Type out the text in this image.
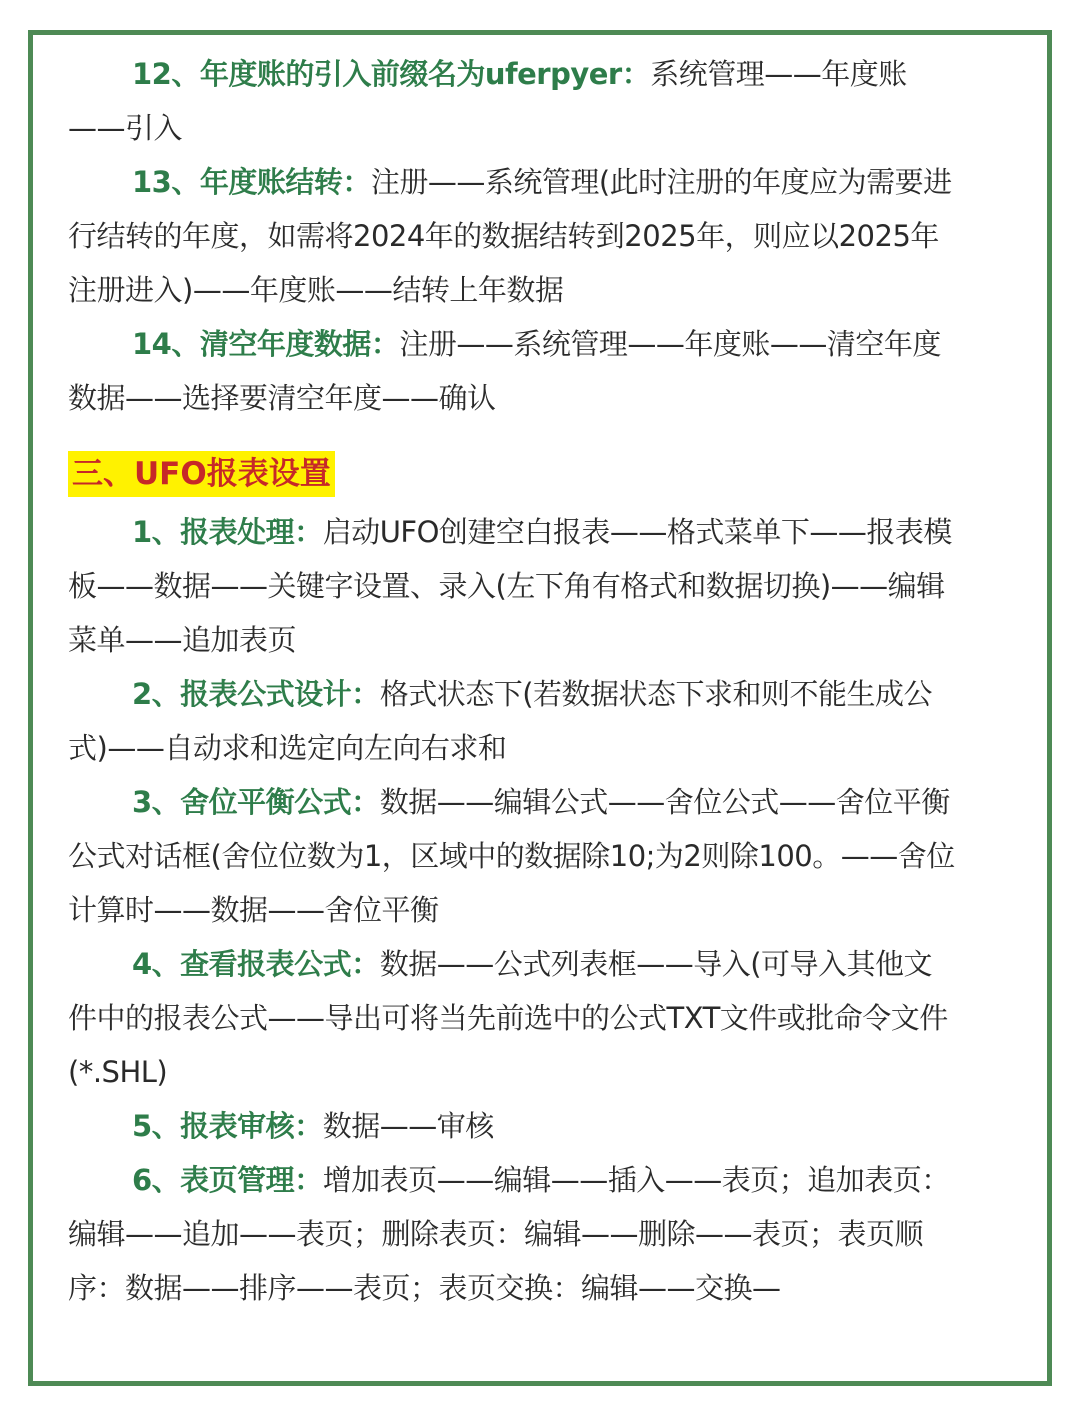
12、年度账的引入前缀名为uferpyer：系统管理——年度账——引入

13、年度账结转：注册——系统管理(此时注册的年度应为需要进行结转的年度，如需将2024年的数据结转到2025年，则应以2025年注册进入)——年度账——结转上年数据

14、清空年度数据：注册——系统管理——年度账——清空年度数据——选择要清空年度——确认

三、UFO报表设置

1、报表处理：启动UFO创建空白报表——格式菜单下——报表模板——数据——关键字设置、录入(左下角有格式和数据切换)——编辑菜单——追加表页

2、报表公式设计：格式状态下(若数据状态下求和则不能生成公式)——自动求和选定向左向右求和

3、舍位平衡公式：数据——编辑公式——舍位公式——舍位平衡公式对话框(舍位位数为1，区域中的数据除10;为2则除100。——舍位计算时——数据——舍位平衡

4、查看报表公式：数据——公式列表框——导入(可导入其他文件中的报表公式——导出可将当先前选中的公式TXT文件或批命令文件(*.SHL)

5、报表审核：数据——审核

6、表页管理：增加表页——编辑——插入——表页；追加表页：编辑——追加——表页；删除表页：编辑——删除——表页；表页顺序：数据——排序——表页；表页交换：编辑——交换—
